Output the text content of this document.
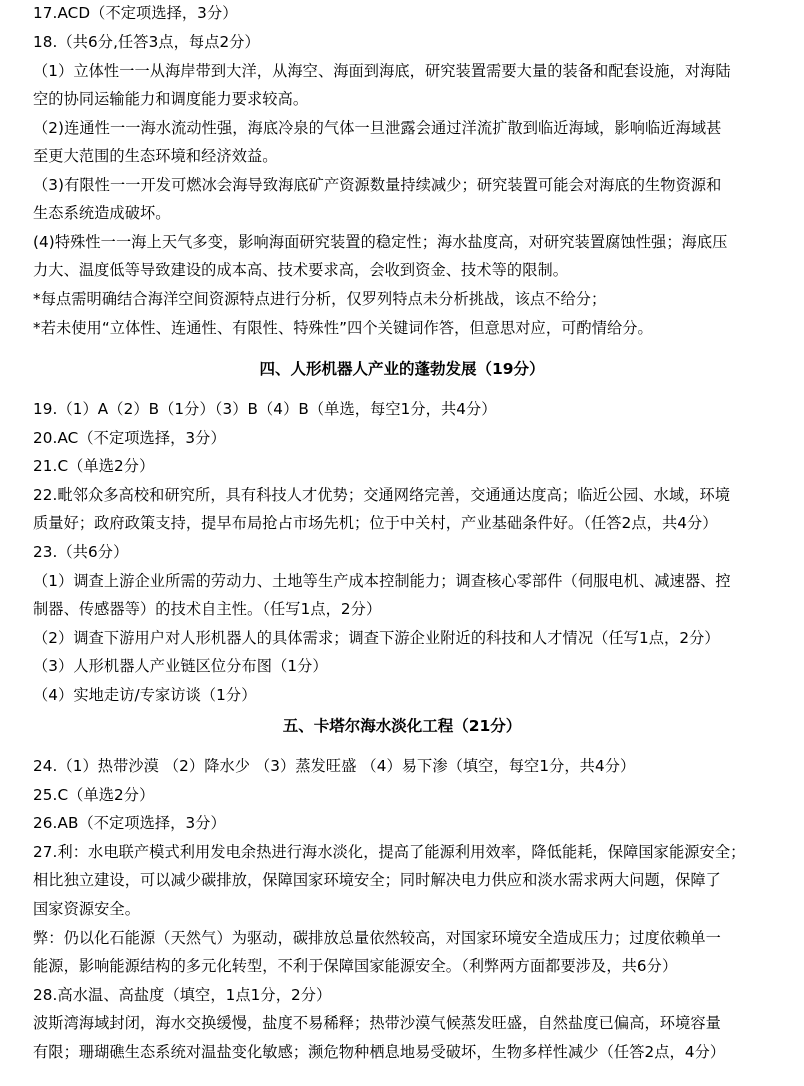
17.ACD（不定项选择，3分）
18.（共6分,任答3点，每点2分）
（1）立体性一一从海岸带到大洋，从海空、海面到海底，研究装置需要大量的装备和配套设施，对海陆
空的协同运输能力和调度能力要求较高。
（2)连通性一一海水流动性强，海底冷泉的气体一旦泄露会通过洋流扩散到临近海域，影响临近海域甚
至更大范围的生态环境和经济效益。
（3)有限性一一开发可燃冰会海导致海底矿产资源数量持续减少；研究装置可能会对海底的生物资源和
生态系统造成破坏。
(4)特殊性一一海上天气多变，影响海面研究装置的稳定性；海水盐度高，对研究装置腐蚀性强；海底压
力大、温度低等导致建设的成本高、技术要求高，会收到资金、技术等的限制。
*每点需明确结合海洋空间资源特点进行分析，仅罗列特点未分析挑战，该点不给分；
*若未使用“立体性、连通性、有限性、特殊性”四个关键词作答，但意思对应，可酌情给分。
四、人形机器人产业的蓬勃发展（19分）
19.（1）A（2）B（1分）（3）B（4）B（单选，每空1分，共4分）
20.AC（不定项选择，3分）
21.C（单选2分）
22.毗邻众多高校和研究所，具有科技人才优势；交通网络完善，交通通达度高；临近公园、水域，环境
质量好；政府政策支持，提早布局抢占市场先机；位于中关村，产业基础条件好。（任答2点，共4分）
23.（共6分）
（1）调查上游企业所需的劳动力、土地等生产成本控制能力；调查核心零部件（伺服电机、减速器、控
制器、传感器等）的技术自主性。（任写1点，2分）
（2）调查下游用户对人形机器人的具体需求；调查下游企业附近的科技和人才情况（任写1点，2分）
（3）人形机器人产业链区位分布图（1分）
（4）实地走访/专家访谈（1分）
五、卡塔尔海水淡化工程（21分）
24.（1）热带沙漠 （2）降水少 （3）蒸发旺盛 （4）易下渗（填空，每空1分，共4分）
25.C（单选2分）
26.AB（不定项选择，3分）
27.利：水电联产模式利用发电余热进行海水淡化，提高了能源利用效率，降低能耗，保障国家能源安全；
相比独立建设，可以减少碳排放，保障国家环境安全；同时解决电力供应和淡水需求两大问题，保障了
国家资源安全。
弊：仍以化石能源（天然气）为驱动，碳排放总量依然较高，对国家环境安全造成压力；过度依赖单一
能源，影响能源结构的多元化转型，不利于保障国家能源安全。（利弊两方面都要涉及，共6分）
28.高水温、高盐度（填空，1点1分，2分）
波斯湾海域封闭，海水交换缓慢，盐度不易稀释；热带沙漠气候蒸发旺盛，自然盐度已偏高，环境容量
有限；珊瑚礁生态系统对温盐变化敏感；濒危物种栖息地易受破坏，生物多样性减少（任答2点，4分）
